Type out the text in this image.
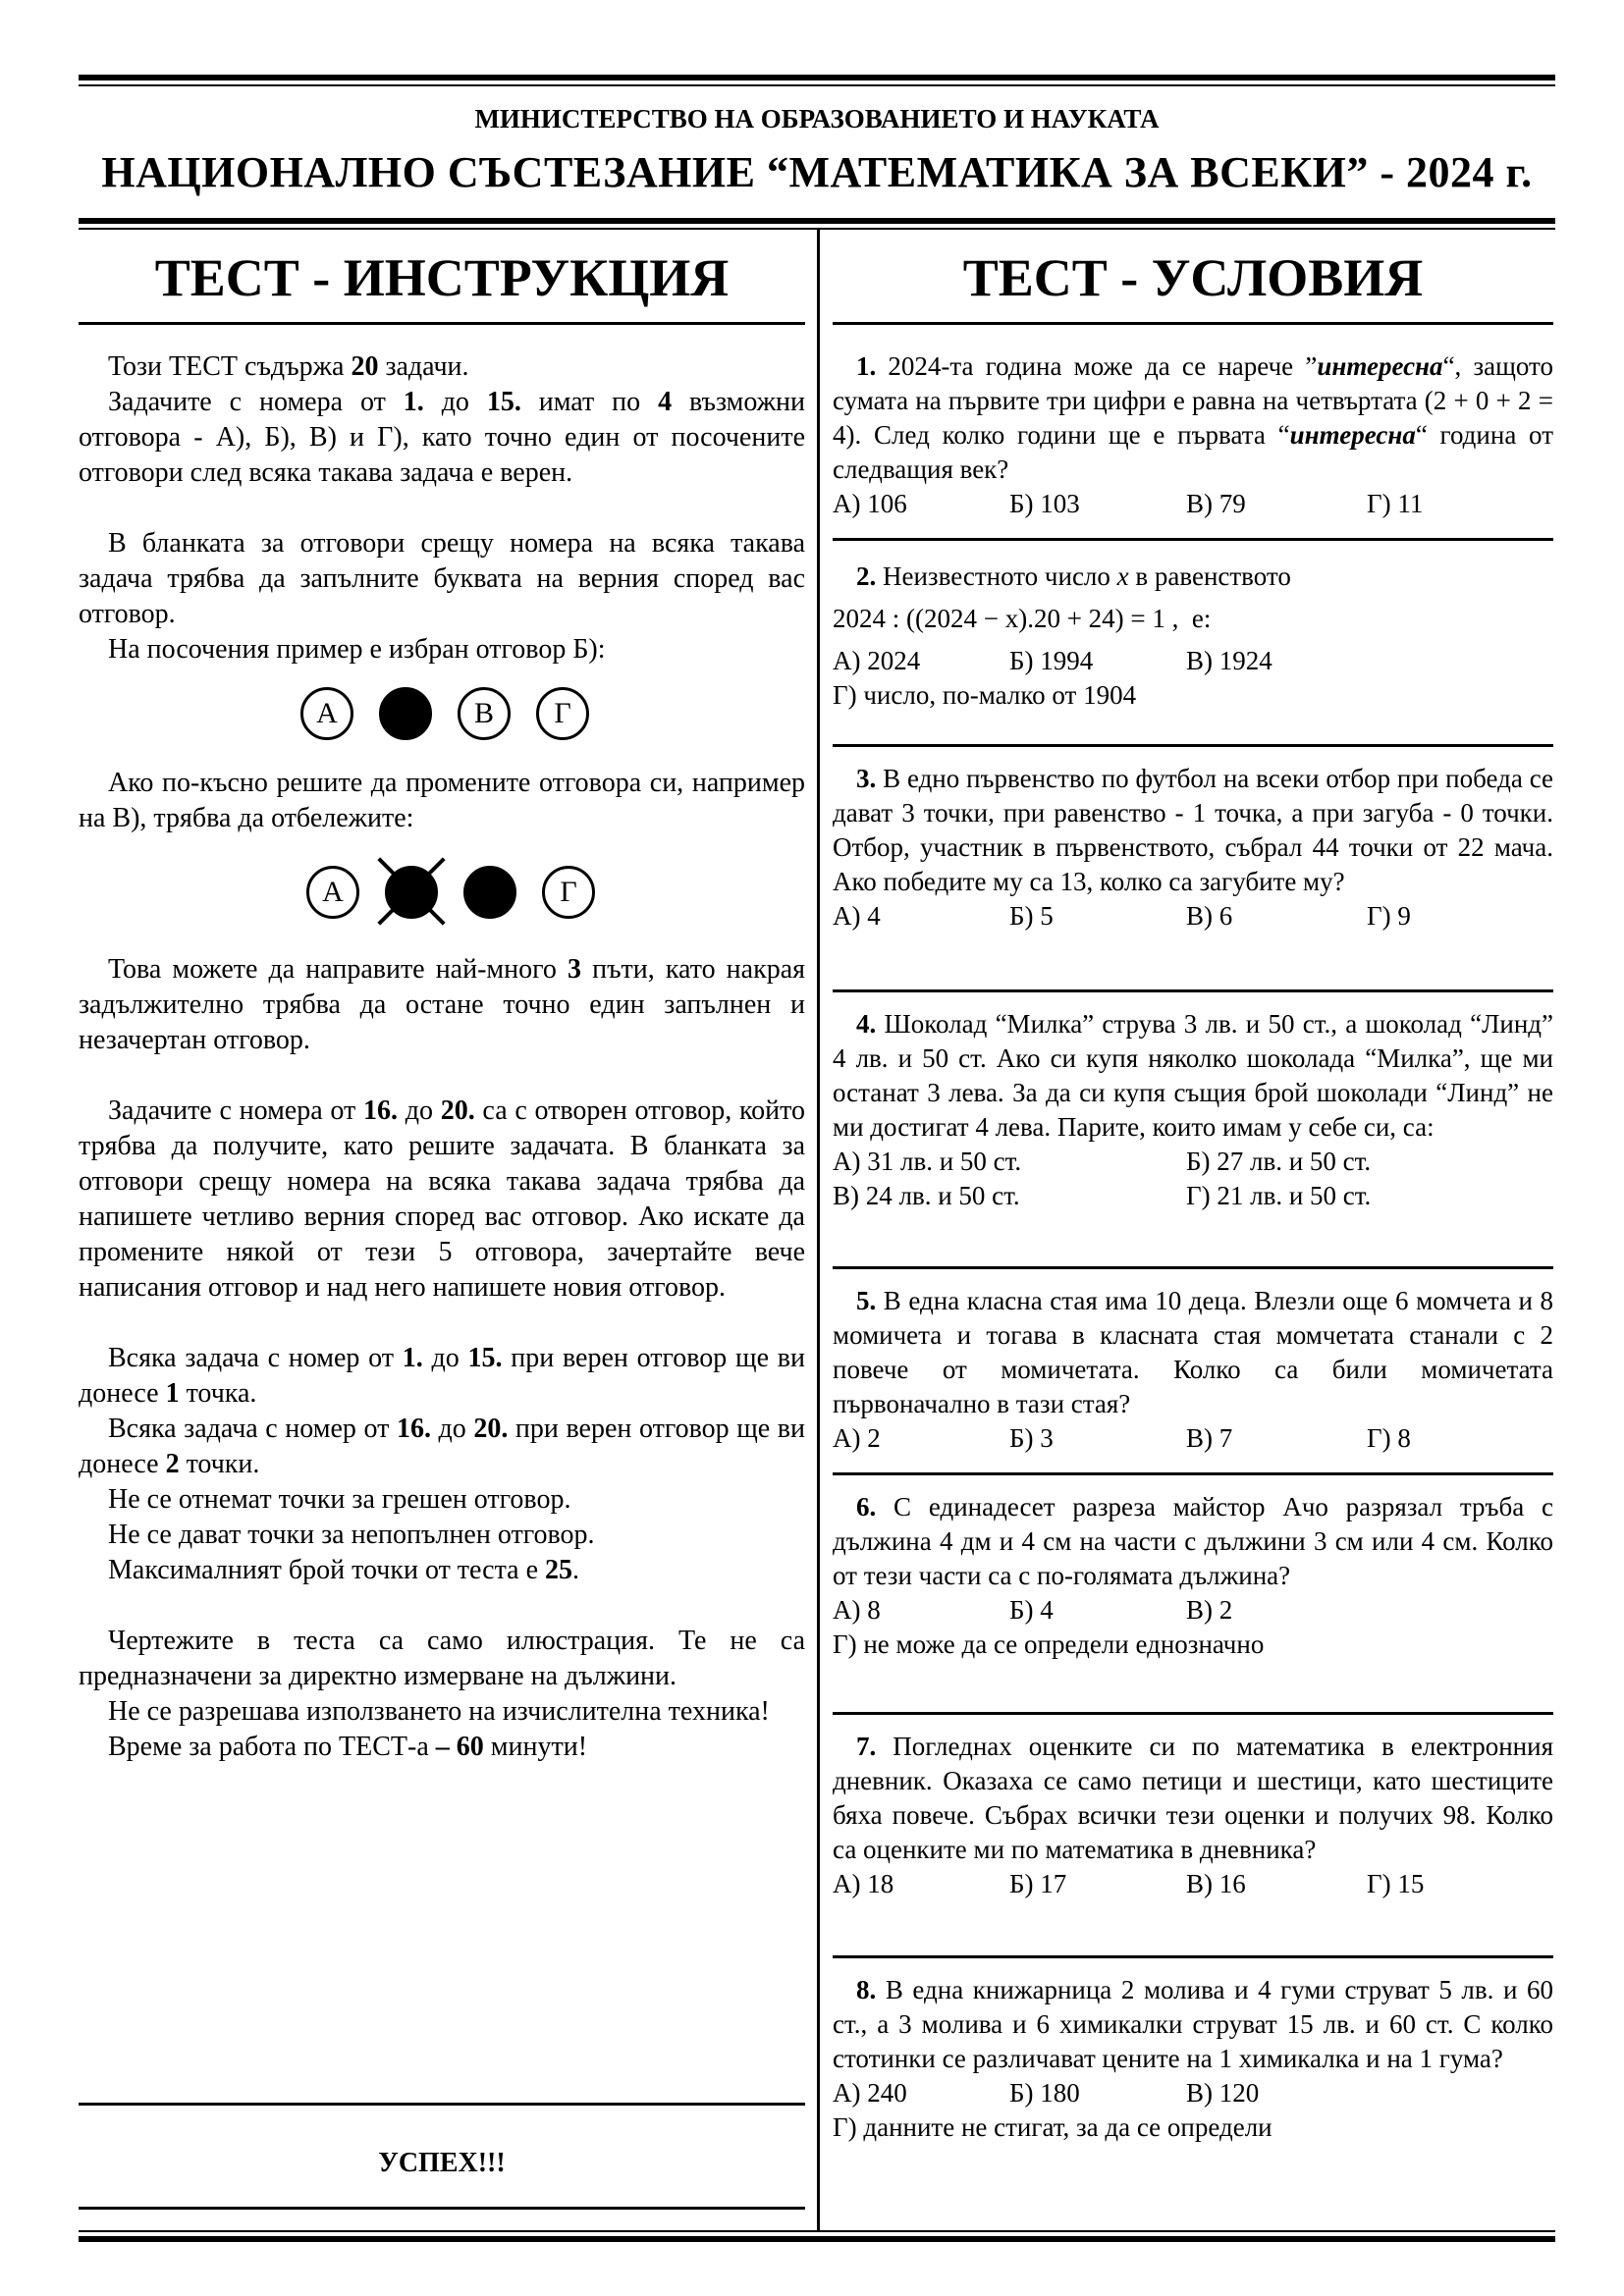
МИНИСТЕРСТВО НА ОБРАЗОВАНИЕТО И НАУКАТА
НАЦИОНАЛНО СЪСТЕЗАНИЕ “МАТЕМАТИКА ЗА ВСЕКИ” - 2024 г.
ТЕСТ - ИНСТРУКЦИЯ

Този ТЕСТ съдържа 20 задачи.

Задачите с номера от 1. до 15. имат по 4 възможни отговора - А), Б), В) и Г), като точно един от посочените отговори след всяка такава задача е верен.

В бланката за отговори срещу номера на всяка такава задача трябва да запълните буквата на верния според вас отговор.

На посочения пример е избран отговор Б):

А	В	Г

Ако по-късно решите да промените отговора си, например на В), трябва да отбележите:

А	Г

Това можете да направите най-много 3 пъти, като накрая задължително трябва да остане точно един запълнен и незачертан отговор.

Задачите с номера от 16. до 20. са с отворен отговор, който трябва да получите, като решите задачата. В бланката за отговори срещу номера на всяка такава задача трябва да напишете четливо верния според вас отговор. Ако искате да промените някой от тези 5 отговора, зачертайте вече написания отговор и над него напишете новия отговор.

Всяка задача с номер от 1. до 15. при верен отговор ще ви донесе 1 точка.

Всяка задача с номер от 16. до 20. при верен отговор ще ви донесе 2 точки.

Не се отнемат точки за грешен отговор.

Не се дават точки за непопълнен отговор.

Максималният брой точки от теста е 25.

Чертежите в теста са само илюстрация. Те не са предназначени за директно измерване на дължини.

Не се разрешава използването на изчислителна техника!

Време за работа по ТЕСТ-а – 60 минути!

УСПЕХ!!!
ТЕСТ - УСЛОВИЯ

1. 2024-та година може да се нарече ”интересна“, защото сумата на първите три цифри е равна на четвъртата (2 + 0 + 2 = 4). След колко години ще е първата “интересна“ година от следващия век?

А) 106	Б) 103	В) 79	Г) 11

2. Неизвестното число x в равенството

2024 : ((2024 − x).20 + 24) = 1 ,  е:
А) 2024	Б) 1994	В) 1924
Г) число, по-малко от 1904

3. В едно първенство по футбол на всеки отбор при победа се дават 3 точки, при равенство - 1 точка, а при загуба - 0 точки. Отбор, участник в първенството, събрал 44 точки от 22 мача. Ако победите му са 13, колко са загубите му?

А) 4	Б) 5	В) 6	Г) 9

4. Шоколад “Милка” струва 3 лв. и 50 ст., а шоколад “Линд” 4 лв. и 50 ст. Ако си купя няколко шоколада “Милка”, ще ми останат 3 лева. За да си купя същия брой шоколади “Линд” не ми достигат 4 лева. Парите, които имам у себе си, са:

А) 31 лв. и 50 ст.	Б) 27 лв. и 50 ст.
В) 24 лв. и 50 ст.	Г) 21 лв. и 50 ст.

5. В една класна стая има 10 деца. Влезли още 6 момчета и 8 момичета и тогава в класната стая момчетата станали с 2 повече от момичетата. Колко са били момичетата първоначално в тази стая?

А) 2	Б) 3	В) 7	Г) 8

6. С единадесет разреза майстор Ачо разрязал тръба с дължина 4 дм и 4 см на части с дължини 3 см или 4 см. Колко от тези части са с по-голямата дължина?

А) 8	Б) 4	В) 2
Г) не може да се определи еднозначно

7. Погледнах оценките си по математика в електронния дневник. Оказаха се само петици и шестици, като шестиците бяха повече. Събрах всички тези оценки и получих 98. Колко са оценките ми по математика в дневника?

А) 18	Б) 17	В) 16	Г) 15

8. В една книжарница 2 молива и 4 гуми струват 5 лв. и 60 ст., а 3 молива и 6 химикалки струват 15 лв. и 60 ст. С колко стотинки се различават цените на 1 химикалка и на 1 гума?

А) 240	Б) 180	В) 120
Г) данните не стигат, за да се определи
